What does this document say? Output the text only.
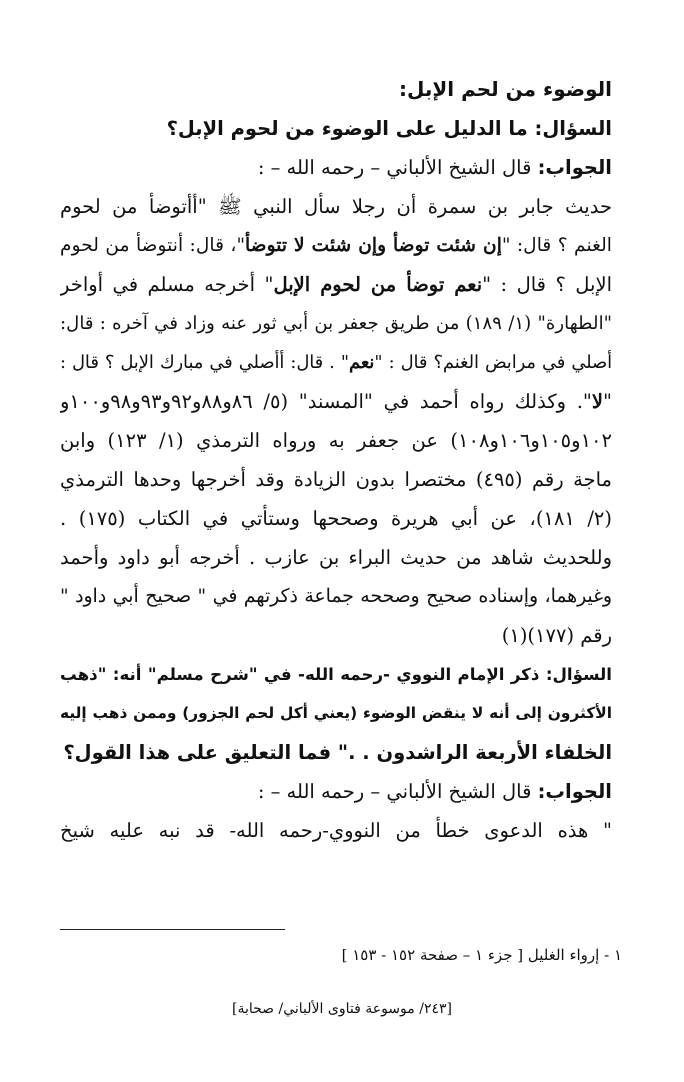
الوضوء من لحم الإبل:
السؤال: ما الدليل على الوضوء من لحوم الإبل؟
الجواب: قال الشيخ الألباني – رحمه الله – :
حديث جابر بن سمرة أن رجلا سأل النبي ﷺ "أأتوضأ من لحوم
الغنم ؟ قال: "إن شئت توضأ وإن شئت لا تتوضأ"، قال: أنتوضأ من لحوم
الإبل ؟ قال : "نعم توضأ من لحوم الإبل" أخرجه مسلم في أواخر
"الطهارة" (١/ ١٨٩) من طريق جعفر بن أبي ثور عنه وزاد في آخره : قال:
أصلي في مرابض الغنم؟ قال : "نعم" . قال: أأصلي في مبارك الإبل ؟ قال :
"لا". وكذلك رواه أحمد في "المسند" (٥/ ٨٦و٨٨و٩٢و٩٣و٩٨و١٠٠و
١٠٢و١٠٥و١٠٦و١٠٨) عن جعفر به ورواه الترمذي (١/ ١٢٣) وابن
ماجة رقم (٤٩٥) مختصرا بدون الزيادة وقد أخرجها وحدها الترمذي
(٢/ ١٨١)، عن أبي هريرة وصححها وستأتي في الكتاب (١٧٥) .
وللحديث شاهد من حديث البراء بن عازب . أخرجه أبو داود وأحمد
وغيرهما، وإسناده صحيح وصححه جماعة ذكرتهم في " صحيح أبي داود "
رقم (١٧٧)(١)
السؤال: ذكر الإمام النووي -رحمه الله- في "شرح مسلم" أنه: "ذهب
الأكثرون إلى أنه لا ينقض الوضوء (يعني أكل لحم الجزور) وممن ذهب إليه
الخلفاء الأربعة الراشدون . ." فما التعليق على هذا القول؟
الجواب: قال الشيخ الألباني – رحمه الله – :
" هذه الدعوى خطأ من النووي-رحمه الله- قد نبه عليه شيخ
١ - إرواء الغليل [ جزء ١ – صفحة ١٥٢ - ١٥٣ ]
[٢٤٣/ موسوعة فتاوى الألباني/ صحابة]
